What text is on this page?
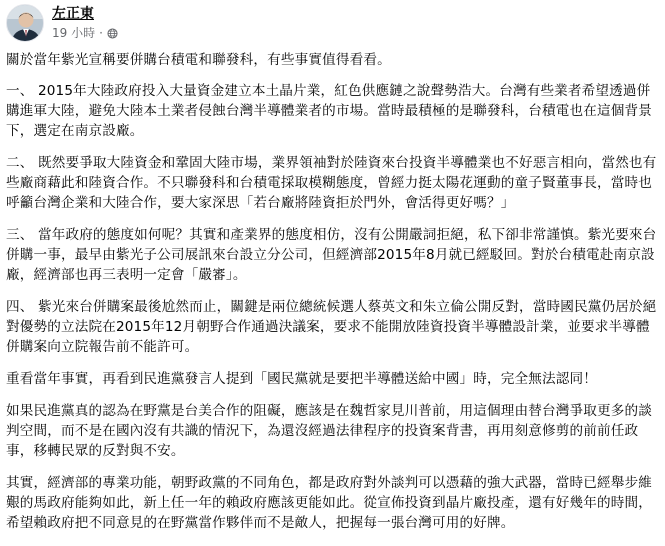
左正東
19 小時 ·

關於當年紫光宣稱要併購台積電和聯發科，有些事實值得看看。

一、 2015年大陸政府投入大量資金建立本土晶片業，紅色供應鏈之說聲勢浩大。台灣有些業者希望透過併購進軍大陸，避免大陸本土業者侵蝕台灣半導體業者的市場。當時最積極的是聯發科，台積電也在這個背景下，選定在南京設廠。

二、 既然要爭取大陸資金和鞏固大陸市場，業界領袖對於陸資來台投資半導體業也不好惡言相向，當然也有些廠商藉此和陸資合作。不只聯發科和台積電採取模糊態度，曾經力挺太陽花運動的童子賢董事長，當時也呼籲台灣企業和大陸合作，要大家深思「若台廠將陸資拒於門外，會活得更好嗎？」

三、 當年政府的態度如何呢？其實和產業界的態度相仿，沒有公開嚴詞拒絕，私下卻非常謹慎。紫光要來台併購一事，最早由紫光子公司展訊來台設立分公司，但經濟部2015年8月就已經駁回。對於台積電赴南京設廠，經濟部也再三表明一定會「嚴審」。

四、 紫光來台併購案最後尬然而止，關鍵是兩位總統候選人蔡英文和朱立倫公開反對，當時國民黨仍居於絕對優勢的立法院在2015年12月朝野合作通過決議案，要求不能開放陸資投資半導體設計業，並要求半導體併購案向立院報告前不能許可。

重看當年事實，再看到民進黨發言人提到「國民黨就是要把半導體送給中國」時，完全無法認同！

如果民進黨真的認為在野黨是台美合作的阻礙，應該是在魏哲家見川普前，用這個理由替台灣爭取更多的談判空間，而不是在國內沒有共識的情況下，為還沒經過法律程序的投資案背書，再用刻意修剪的前前任政事，移轉民眾的反對與不安。

其實，經濟部的專業功能，朝野政黨的不同角色，都是政府對外談判可以憑藉的強大武器，當時已經舉步維艱的馬政府能夠如此，新上任一年的賴政府應該更能如此。從宣佈投資到晶片廠投產，還有好幾年的時間，希望賴政府把不同意見的在野黨當作夥伴而不是敵人，把握每一張台灣可用的好牌。
